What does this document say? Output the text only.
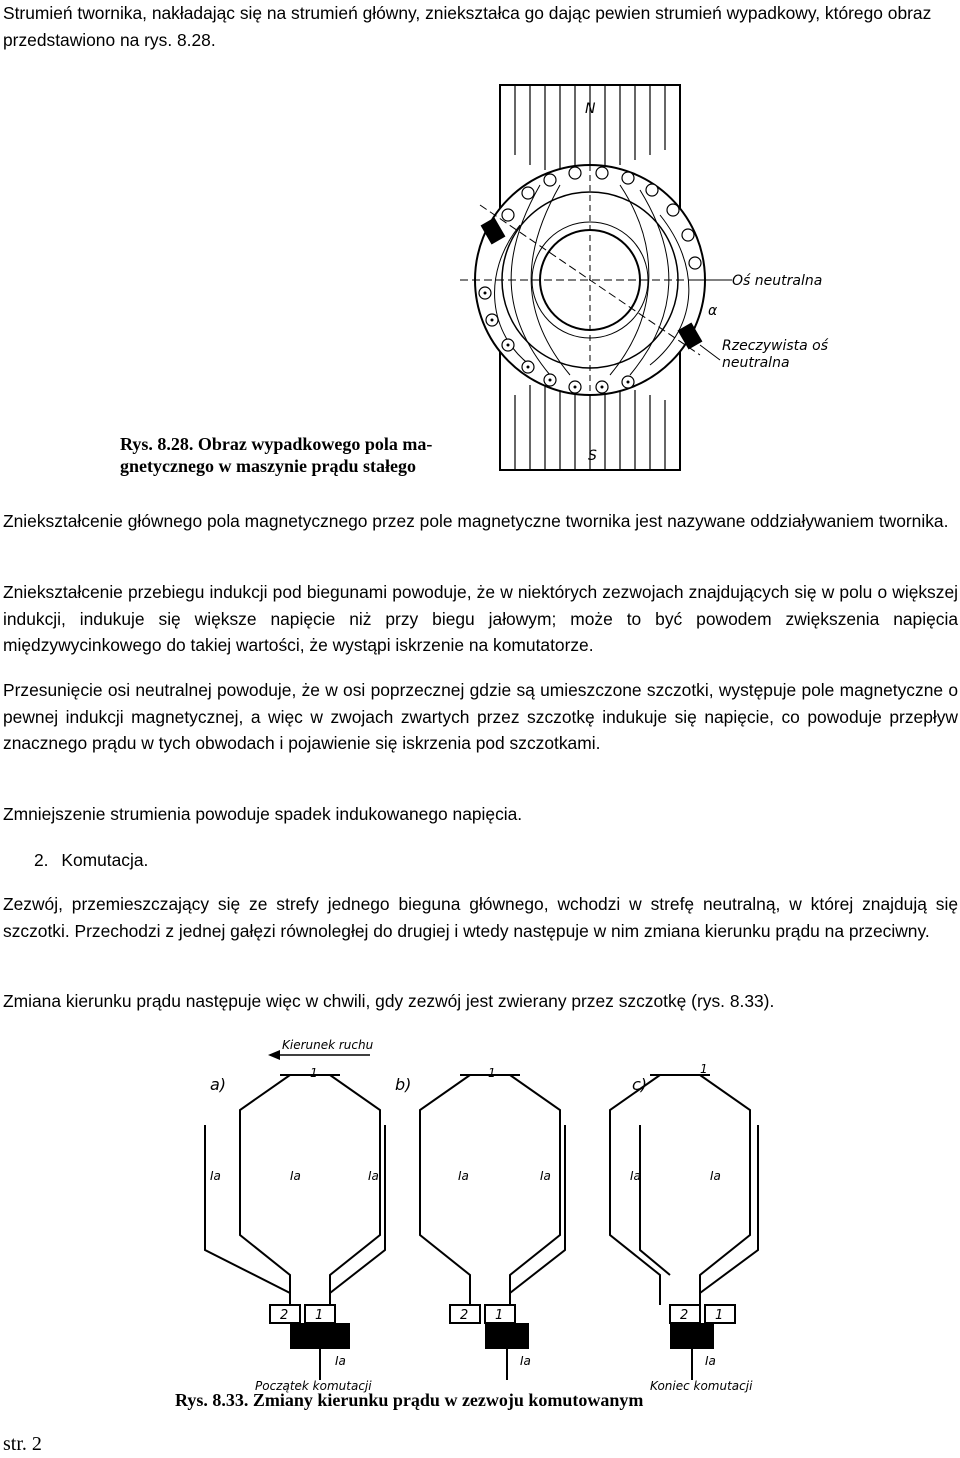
Strumień twornika, nakładając się na strumień główny, zniekształca go dając pewien strumień wypadkowy, którego obraz przedstawiono na rys. 8.28.

N
S
Oś neutralna
Rzeczywista oś
neutralna
α
Rys. 8.28. Obraz wypadkowego pola ma-
gnetycznego w maszynie prądu stałego

Zniekształcenie głównego pola magnetycznego przez pole magnetyczne twornika jest nazywane oddziaływaniem twornika.

Zniekształcenie przebiegu indukcji pod biegunami powoduje, że w niektórych zezwojach znajdujących się w polu o większej indukcji, indukuje się większe napięcie niż przy biegu jałowym; może to być powodem zwiększenia napięcia międzywycinkowego do takiej wartości, że wystąpi iskrzenie na komutatorze.

Przesunięcie osi neutralnej powoduje, że w osi poprzecznej gdzie są umieszczone szczotki, występuje pole magnetyczne o pewnej indukcji magnetycznej, a więc w zwojach zwartych przez szczotkę indukuje się napięcie, co powoduje przepływ znacznego prądu w tych obwodach i pojawienie się iskrzenia pod szczotkami.

Zmniejszenie strumienia powoduje spadek indukowanego napięcia.

2. Komutacja.

Zezwój, przemieszczający się ze strefy jednego bieguna głównego, wchodzi w strefę neutralną, w której znajdują się szczotki. Przechodzi z jednej gałęzi równoległej do drugiej i wtedy następuje w nim zmiana kierunku prądu na przeciwny.

Zmiana kierunku prądu następuje więc w chwili, gdy zezwój jest zwierany przez szczotkę (rys. 8.33).

Kierunek ruchu
a)
1
2 1
Ia	Ia	Ia
Ia
Początek komutacji
b)
1
2 1
Ia	Ia
Ia
c)
1
2 1
Ia	Ia
Ia
Koniec komutacji
Rys. 8.33. Zmiany kierunku prądu w zezwoju komutowanym
str. 2
